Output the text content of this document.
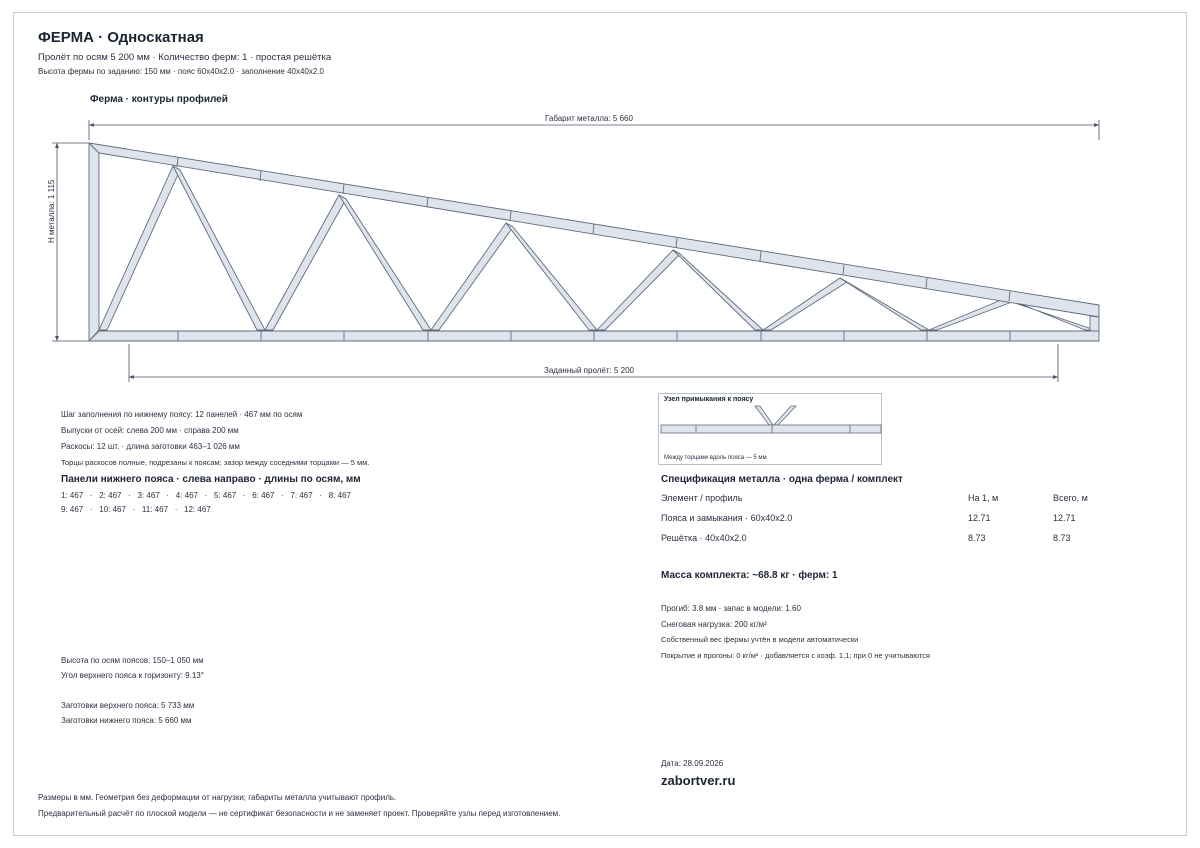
ФЕРМА · Односкатная
Пролёт по осям 5 200 мм · Количество ферм: 1 · простая решётка
Высота фермы по заданию: 150 мм · пояс 60x40x2.0 · заполнение 40x40x2.0
Ферма · контуры профилей
Габарит металла: 5 660
Заданный пролёт: 5 200
H металла: 1 115
Шаг заполнения по нижнему поясу: 12 панелей · 467 мм по осям
Выпуски от осей: слева 200 мм · справа 200 мм
Раскосы: 12 шт. · длина заготовки 463–1 026 мм
Торцы раскосов полные, подрезаны к поясам; зазор между соседними торцами — 5 мм.
Панели нижнего пояса · слева направо · длины по осям, мм
1: 467   ·   2: 467   ·   3: 467   ·   4: 467   ·   5: 467   ·   6: 467   ·   7: 467   ·   8: 467
9: 467   ·   10: 467   ·   11: 467   ·   12: 467
Высота по осям поясов: 150–1 050 мм
Угол верхнего пояса к горизонту: 9.13°
Заготовки верхнего пояса: 5 733 мм
Заготовки нижнего пояса: 5 660 мм
Узел примыкания к поясу
Между торцами вдоль пояса — 5 мм
Спецификация металла · одна ферма / комплект
Элемент / профиль	На 1, м	Всего, м
Пояса и замыкания · 60x40x2.0	12.71	12.71
Решётка · 40x40x2.0	8.73	8.73
Масса комплекта: ~68.8 кг · ферм: 1
Прогиб: 3.8 мм · запас в модели: 1.60
Снеговая нагрузка: 200 кг/м²
Собственный вес фермы учтён в модели автоматически
Покрытие и прогоны: 0 кг/м² · добавляется с коэф. 1,1; при 0 не учитываются
Дата: 28.09.2026
zabortver.ru
Размеры в мм. Геометрия без деформации от нагрузки; габариты металла учитывают профиль.
Предварительный расчёт по плоской модели — не сертификат безопасности и не заменяет проект. Проверяйте узлы перед изготовлением.
